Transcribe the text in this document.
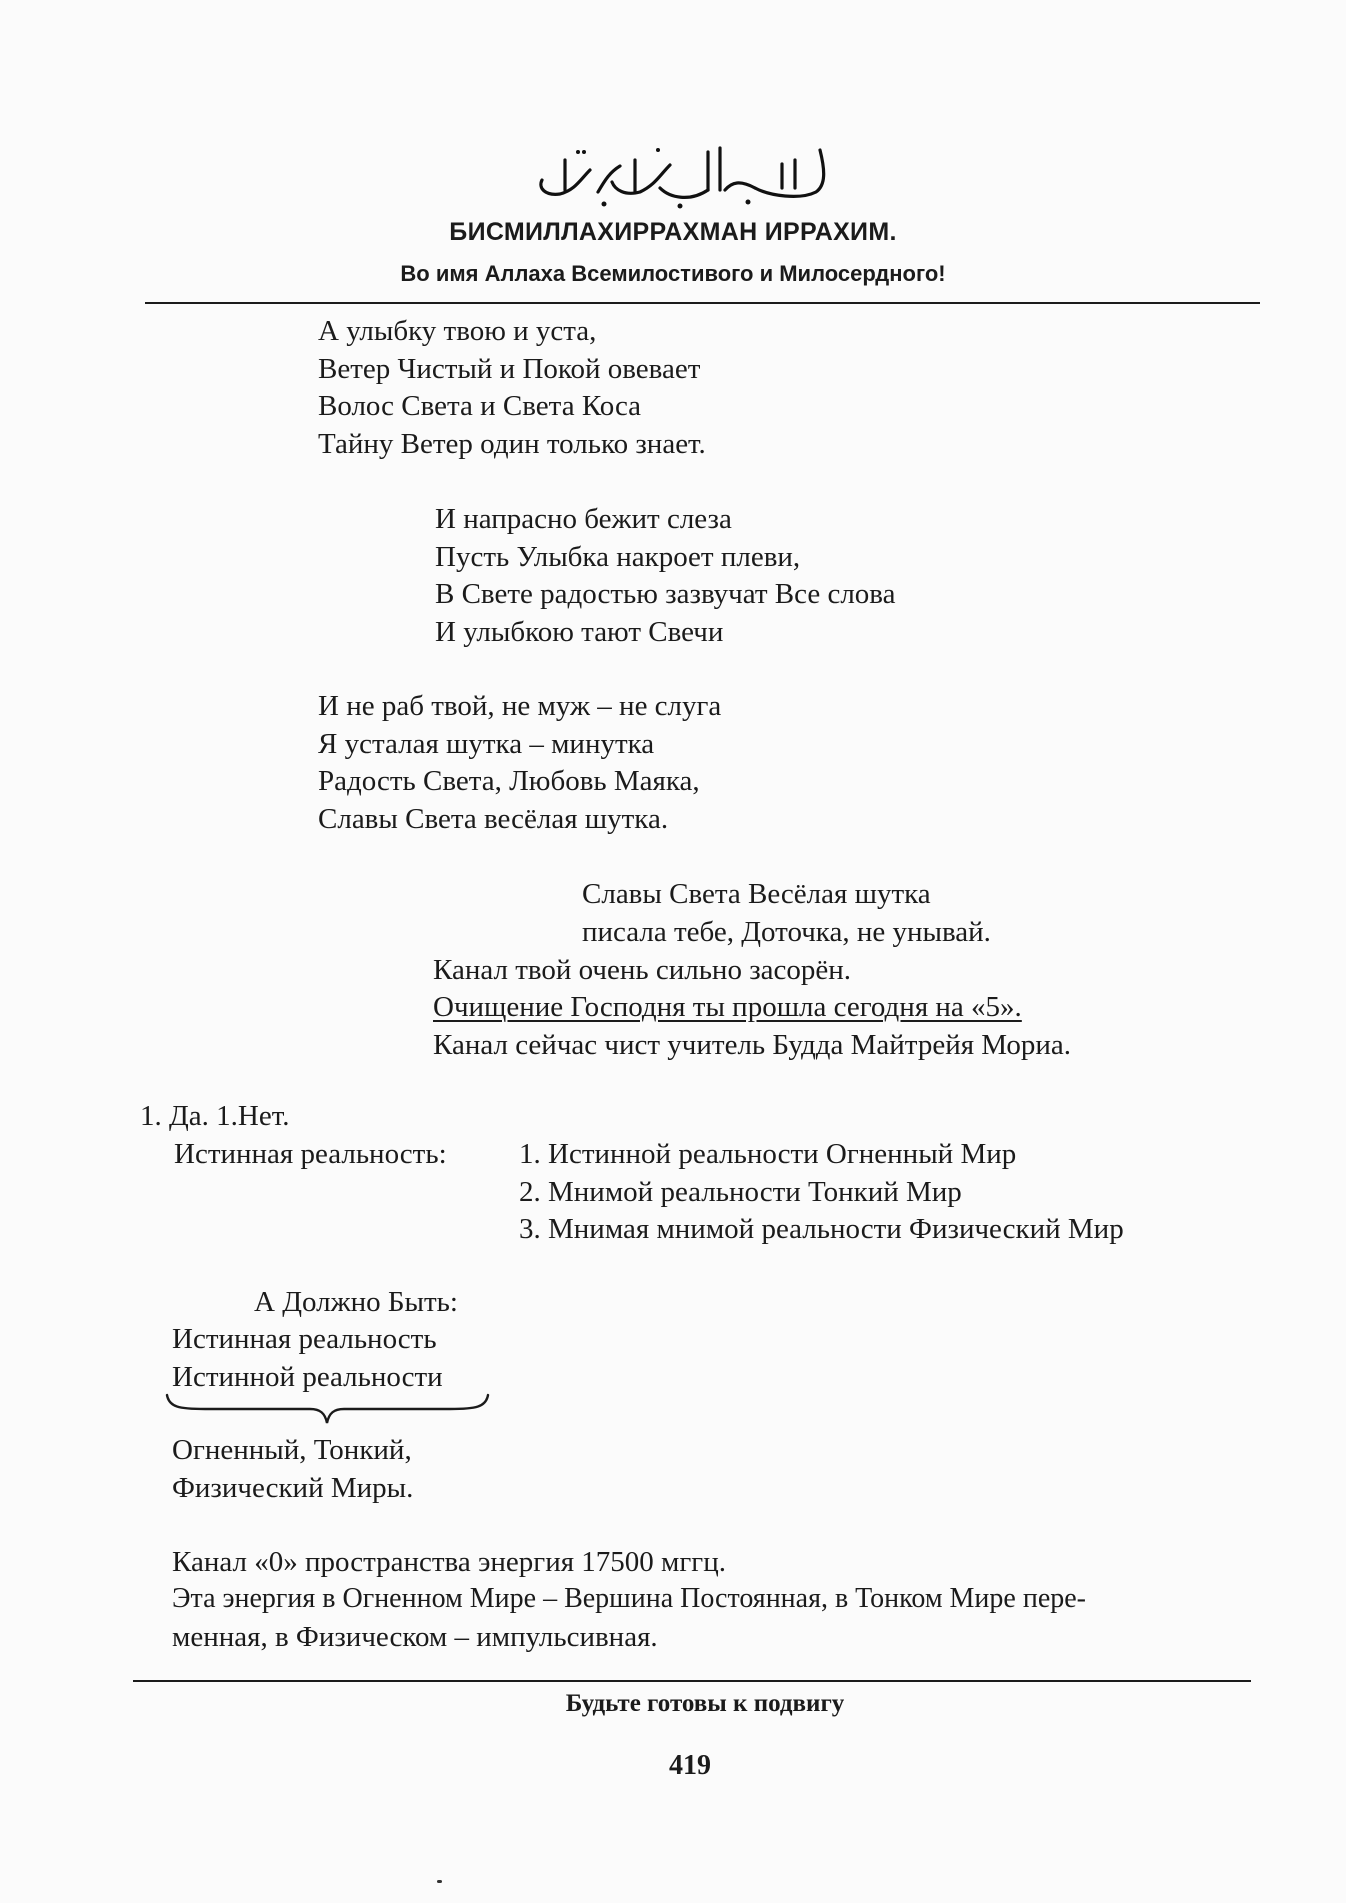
БИСМИЛЛАХИРРАХМАН ИРРАХИМ.
Во имя Аллаха Всемилостивого и Милосердного!
А улыбку твою и уста,
Ветер Чистый и Покой овевает
Волос Света и Света Коса
Тайну Ветер один только знает.
И напрасно бежит слеза
Пусть Улыбка накроет плеви,
В Свете радостью зазвучат Все слова
И улыбкою тают Свечи
И не раб твой, не муж – не слуга
Я усталая шутка – минутка
Радость Света, Любовь Маяка,
Славы Света весёлая шутка.
Славы Света Весёлая шутка
писала тебе, Доточка, не унывай.
Канал твой очень сильно засорён.
Очищение Господня ты прошла сегодня на «5».
Канал сейчас чист учитель Будда Майтрейя Мориа.
1. Да. 1.Нет.
Истинная реальность: 1. Истинной реальности Огненный Мир
2. Мнимой реальности Тонкий Мир
3. Мнимая мнимой реальности Физический Мир
А Должно Быть:
Истинная реальность
Истинной реальности
Огненный, Тонкий,
Физический Миры.
Канал «0» пространства энергия 17500 мггц.
Эта энергия в Огненном Мире – Вершина Постоянная, в Тонком Мире пере-
менная, в Физическом – импульсивная.
Будьте готовы к подвигу
419
